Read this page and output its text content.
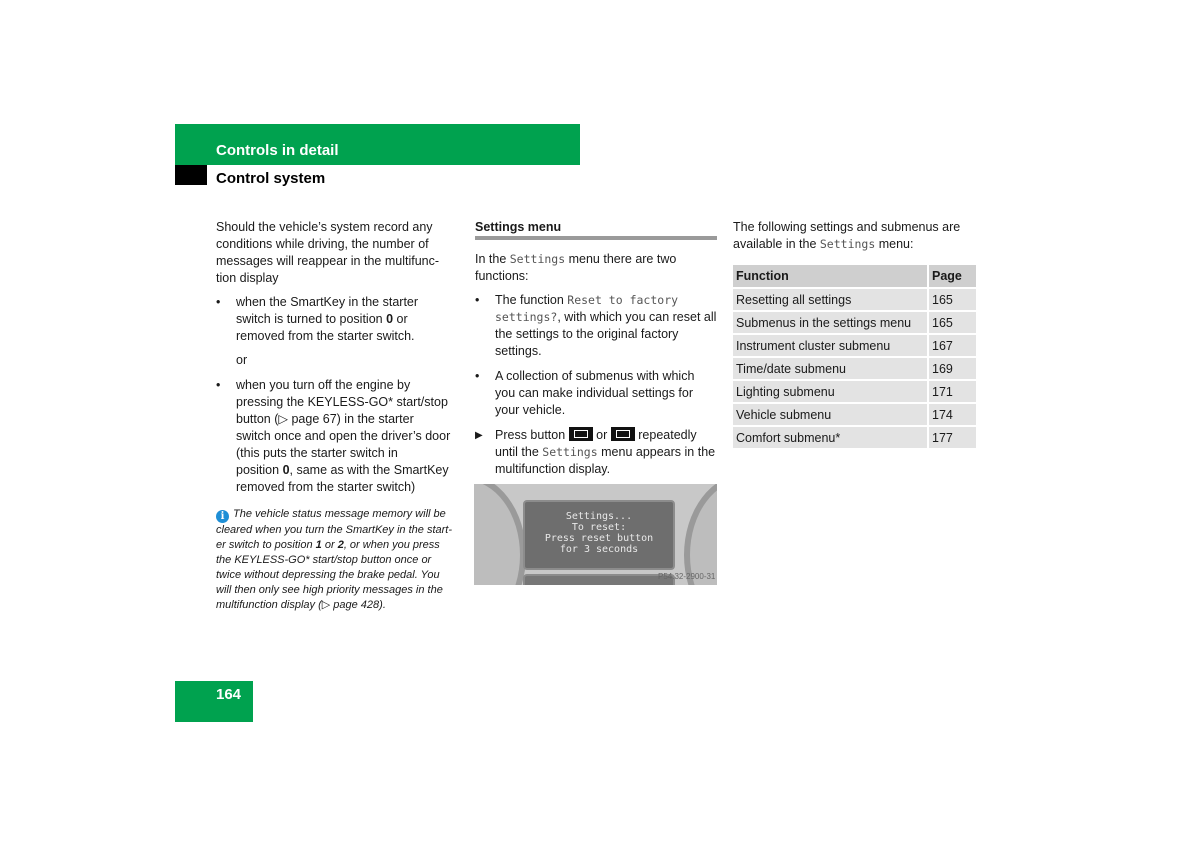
Controls in detail
Control system
Should the vehicle’s system record any
conditions while driving, the number of
messages will reappear in the multifunc-
tion display
• when the SmartKey in the starter
switch is turned to position 0 or
removed from the starter switch.
or
• when you turn off the engine by
pressing the KEYLESS-GO* start/stop
button (▷ page 67) in the starter
switch once and open the driver’s door
(this puts the starter switch in
position 0, same as with the SmartKey
removed from the starter switch)
i The vehicle status message memory will be
cleared when you turn the SmartKey in the start-
er switch to position 1 or 2, or when you press
the KEYLESS-GO* start/stop button once or
twice without depressing the brake pedal. You
will then only see high priority messages in the
multifunction display (▷ page 428).
Settings menu
In the Settings menu there are two
functions:
• The function Reset to factory
settings?, with which you can reset all
the settings to the original factory
settings.
• A collection of submenus with which
you can make individual settings for
your vehicle.
▶ Press button or repeatedly
until the Settings menu appears in the
multifunction display.
Settings...
To reset:
Press reset button
for 3 seconds
P54.32-2900-31
The following settings and submenus are
available in the Settings menu:
Function	Page
Resetting all settings	165
Submenus in the settings menu	165
Instrument cluster submenu	167
Time/date submenu	169
Lighting submenu	171
Vehicle submenu	174
Comfort submenu*	177
164
